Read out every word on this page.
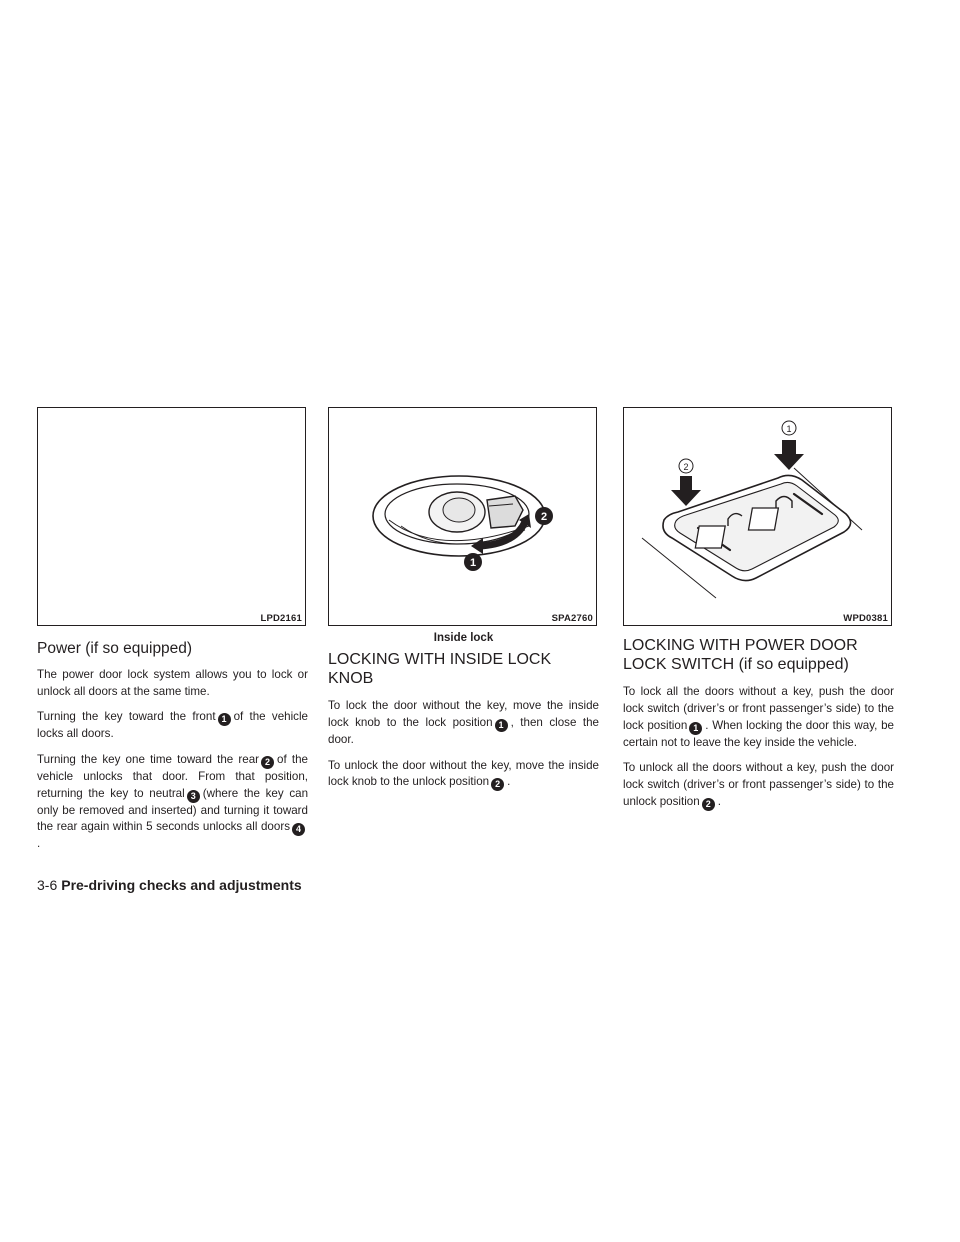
LPD2161
Power (if so equipped)

The power door lock system allows you to lock or unlock all doors at the same time.

Turning the key toward the front 1 of the vehicle locks all doors.

Turning the key one time toward the rear 2 of the vehicle unlocks that door. From that position, returning the key to neutral 3 (where the key can only be removed and inserted) and turning it toward the rear again within 5 seconds unlocks all doors 4.

1
2
SPA2760
Inside lock
LOCKING WITH INSIDE LOCK KNOB

To lock the door without the key, move the inside lock knob to the lock position 1 , then close the door.

To unlock the door without the key, move the inside lock knob to the unlock position 2 .

1
2
WPD0381
LOCKING WITH POWER DOOR LOCK SWITCH (if so equipped)

To lock all the doors without a key, push the door lock switch (driver’s or front passenger’s side) to the lock position 1 . When locking the door this way, be certain not to leave the key inside the vehicle.

To unlock all the doors without a key, push the door lock switch (driver’s or front passenger’s side) to the unlock position 2 .

3-6 Pre-driving checks and adjustments
